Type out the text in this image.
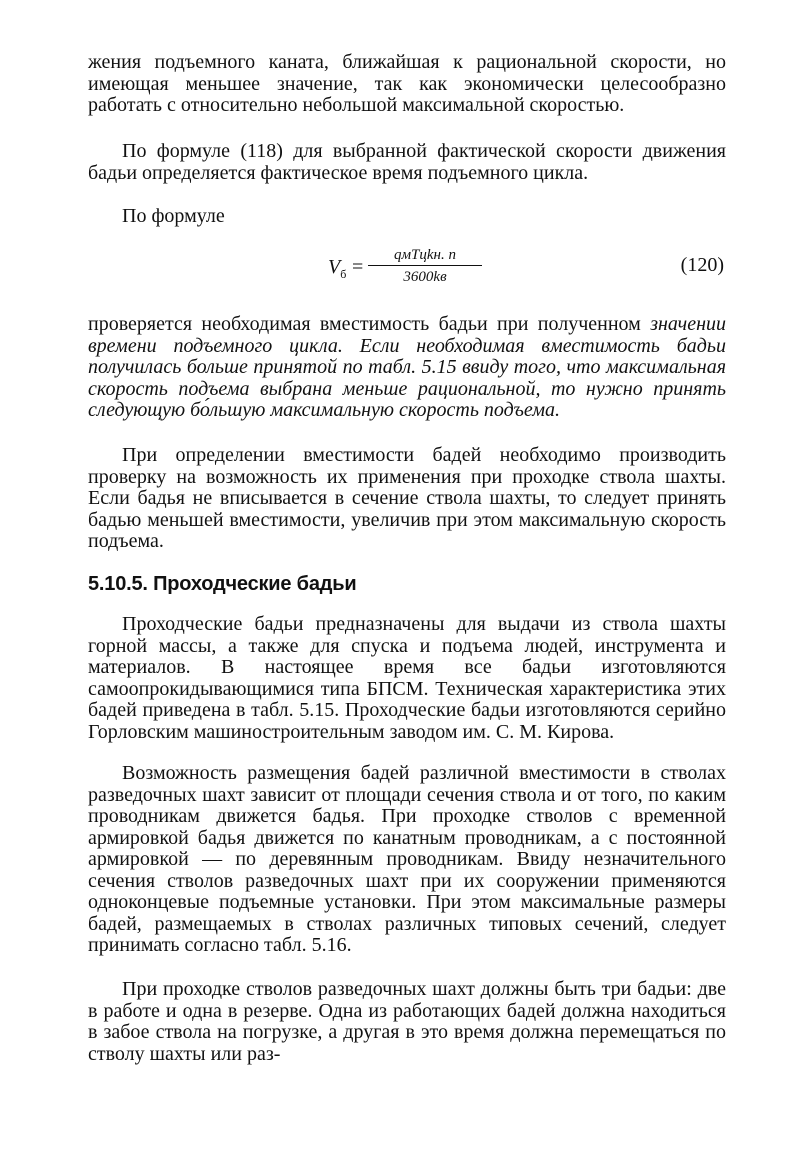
жения подъемного каната, ближайшая к рациональной скорости, но имеющая меньшее значение, так как экономически целесообразно работать с относительно небольшой максимальной скоростью.

По формуле (118) для выбранной фактической скорости движения бадьи определяется фактическое время подъемного цикла.

По формуле

$V_б$ =
qмTцkн. п
3600kв
(120)

проверяется необходимая вместимость бадьи при полученном значении времени подъемного цикла. Если необходимая вместимость бадьи получилась больше принятой по табл. 5.15 ввиду того, что максимальная скорость подъема выбрана меньше рациональной, то нужно принять следующую бо́льшую максимальную скорость подъема.

При определении вместимости бадей необходимо производить проверку на возможность их применения при проходке ствола шахты. Если бадья не вписывается в сечение ствола шахты, то следует принять бадью меньшей вместимости, увеличив при этом максимальную скорость подъема.

5.10.5. Проходческие бадьи

Проходческие бадьи предназначены для выдачи из ствола шахты горной массы, а также для спуска и подъема людей, инструмента и материалов. В настоящее время все бадьи изготовляются самоопрокидывающимися типа БПСМ. Техническая характеристика этих бадей приведена в табл. 5.15. Проходческие бадьи изготовляются серийно Горловским машиностроительным заводом им. С. М. Кирова.

Возможность размещения бадей различной вместимости в стволах разведочных шахт зависит от площади сечения ствола и от того, по каким проводникам движется бадья. При проходке стволов с временной армировкой бадья движется по канатным проводникам, а с постоянной армировкой — по деревянным проводникам. Ввиду незначительного сечения стволов разведочных шахт при их сооружении применяются одноконцевые подъемные установки. При этом максимальные размеры бадей, размещаемых в стволах различных типовых сечений, следует принимать согласно табл. 5.16.

При проходке стволов разведочных шахт должны быть три бадьи: две в работе и одна в резерве. Одна из работающих бадей должна находиться в забое ствола на погрузке, а другая в это время должна перемещаться по стволу шахты или раз-
